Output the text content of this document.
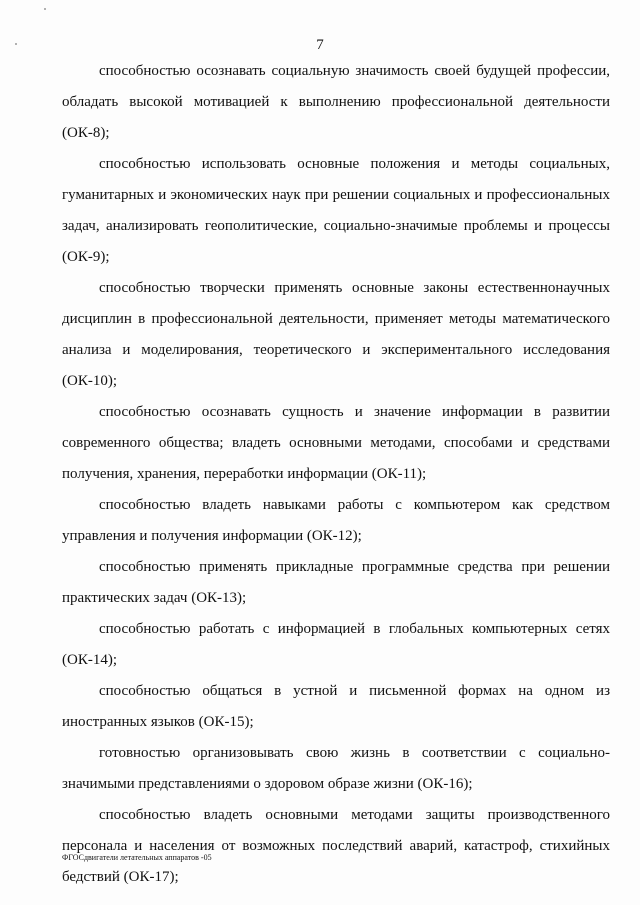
7

способностью осознавать социальную значимость своей будущей профессии, обладать высокой мотивацией к выполнению профессиональной деятельности (ОК-8);

способностью использовать основные положения и методы социальных, гуманитарных и экономических наук при решении социальных и профессиональных задач, анализировать геополитические, социально-значимые проблемы и процессы (ОК-9);

способностью творчески применять основные законы естественнонаучных дисциплин в профессиональной деятельности, применяет методы математического анализа и моделирования, теоретического и экспериментального исследования (ОК-10);

способностью осознавать сущность и значение информации в развитии современного общества; владеть основными методами, способами и средствами получения, хранения, переработки информации (ОК-11);

способностью владеть навыками работы с компьютером как средством управления и получения информации (ОК-12);

способностью применять прикладные программные средства при решении практических задач (ОК-13);

способностью работать с информацией в глобальных компьютерных сетях (ОК-14);

способностью общаться в устной и письменной формах на одном из иностранных языков (ОК-15);

готовностью организовывать свою жизнь в соответствии с социально-значимыми представлениями о здоровом образе жизни (ОК-16);

способностью владеть основными методами защиты производственного персонала и населения от возможных последствий аварий, катастроф, стихийных бедствий (ОК-17);

ФГОСдвигатели летательных аппаратов -05
